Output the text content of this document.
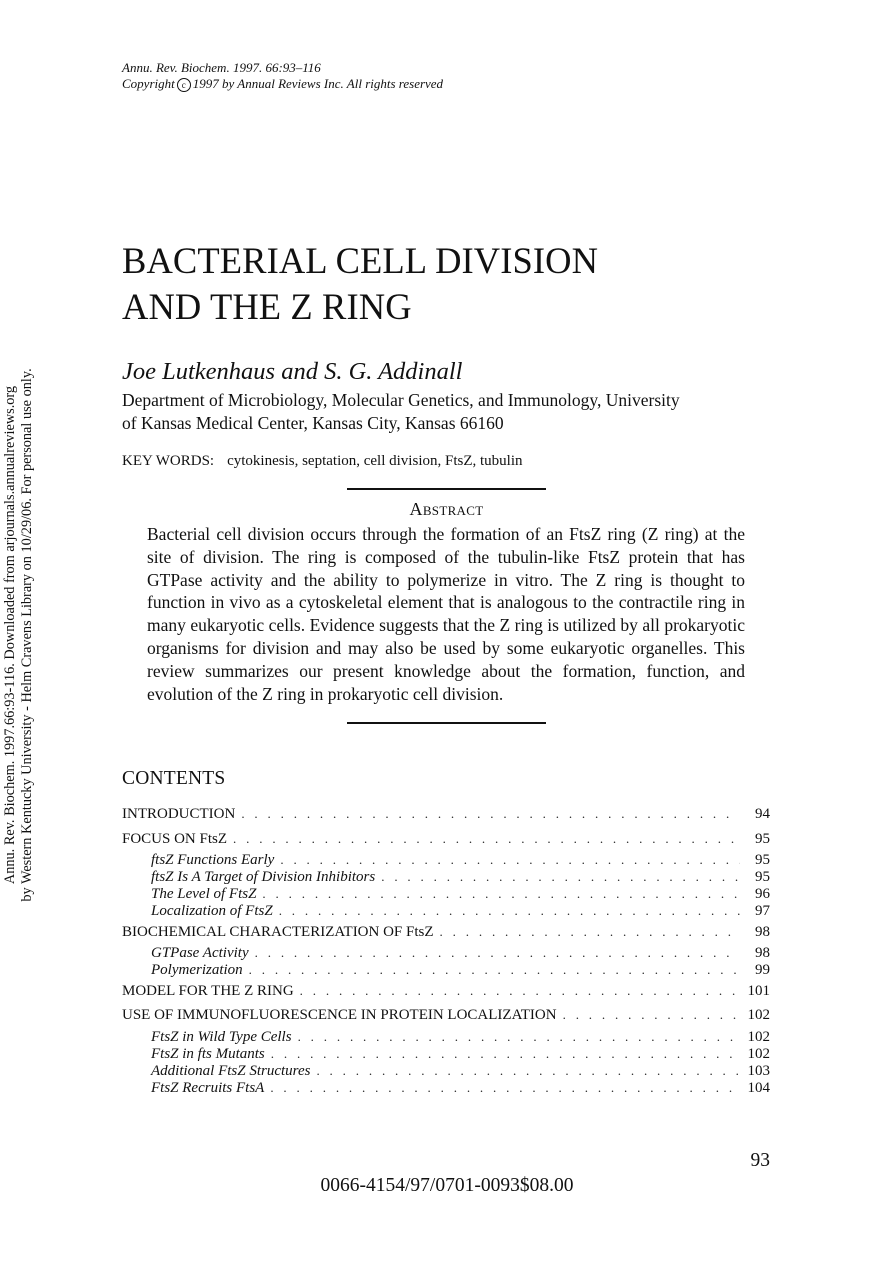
Annu. Rev. Biochem. 1997. 66:93–116
Copyright c 1997 by Annual Reviews Inc. All rights reserved
BACTERIAL CELL DIVISION
AND THE Z RING
Joe Lutkenhaus and S. G. Addinall
Department of Microbiology, Molecular Genetics, and Immunology, University
of Kansas Medical Center, Kansas City, Kansas 66160
KEY WORDS: cytokinesis, septation, cell division, FtsZ, tubulin
Abstract
Bacterial cell division occurs through the formation of an FtsZ ring (Z ring) at the site of division. The ring is composed of the tubulin-like FtsZ protein that has GTPase activity and the ability to polymerize in vitro. The Z ring is thought to function in vivo as a cytoskeletal element that is analogous to the contractile ring in many eukaryotic cells. Evidence suggests that the Z ring is utilized by all prokaryotic organisms for division and may also be used by some eukaryotic organelles. This review summarizes our present knowledge about the formation, function, and evolution of the Z ring in prokaryotic cell division.
CONTENTS
INTRODUCTION . . .	94
FOCUS ON FtsZ . . .	95
ftsZ Functions Early . . .	95
ftsZ Is A Target of Division Inhibitors . . .	95
The Level of FtsZ . . .	96
Localization of FtsZ . . .	97
BIOCHEMICAL CHARACTERIZATION OF FtsZ . . .	98
GTPase Activity . . .	98
Polymerization . . .	99
MODEL FOR THE Z RING . . .	101
USE OF IMMUNOFLUORESCENCE IN PROTEIN LOCALIZATION . . .	102
FtsZ in Wild Type Cells . . .	102
FtsZ in fts Mutants . . .	102
Additional FtsZ Structures . . .	103
FtsZ Recruits FtsA . . .	104
93
0066-4154/97/0701-0093$08.00
Annu. Rev. Biochem. 1997.66:93-116. Downloaded from arjournals.annualreviews.org by Western Kentucky University - Helm Cravens Library on 10/29/06. For personal use only.
